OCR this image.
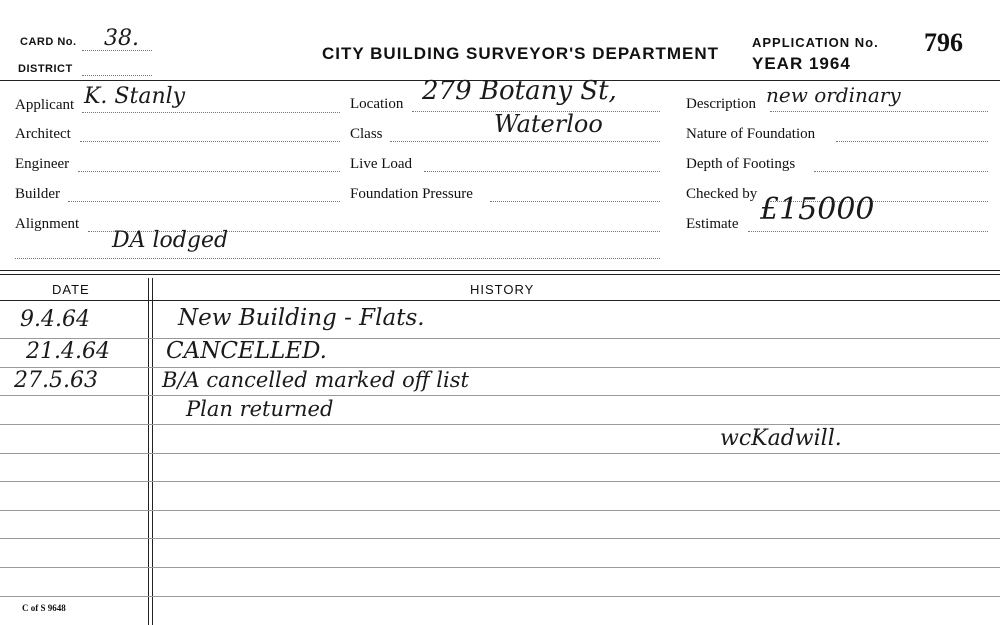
CARD No. 38.
DISTRICT
CITY BUILDING SURVEYOR'S DEPARTMENT
APPLICATION No. 796
YEAR 1964
Applicant K. Stanly
Architect
Engineer
Builder
Alignment
DA lodged
Location 279 Botany St,
Class	Waterloo
Live Load
Foundation Pressure
Description new ordinary
Nature of Foundation
Depth of Footings
Checked by
Estimate £15000
DATE	HISTORY
9.4.64	New Building - Flats.
21.4.64 CANCELLED.
27.5.63	B/A cancelled marked off list
Plan returned
wcKadwill.
C of S 9648
